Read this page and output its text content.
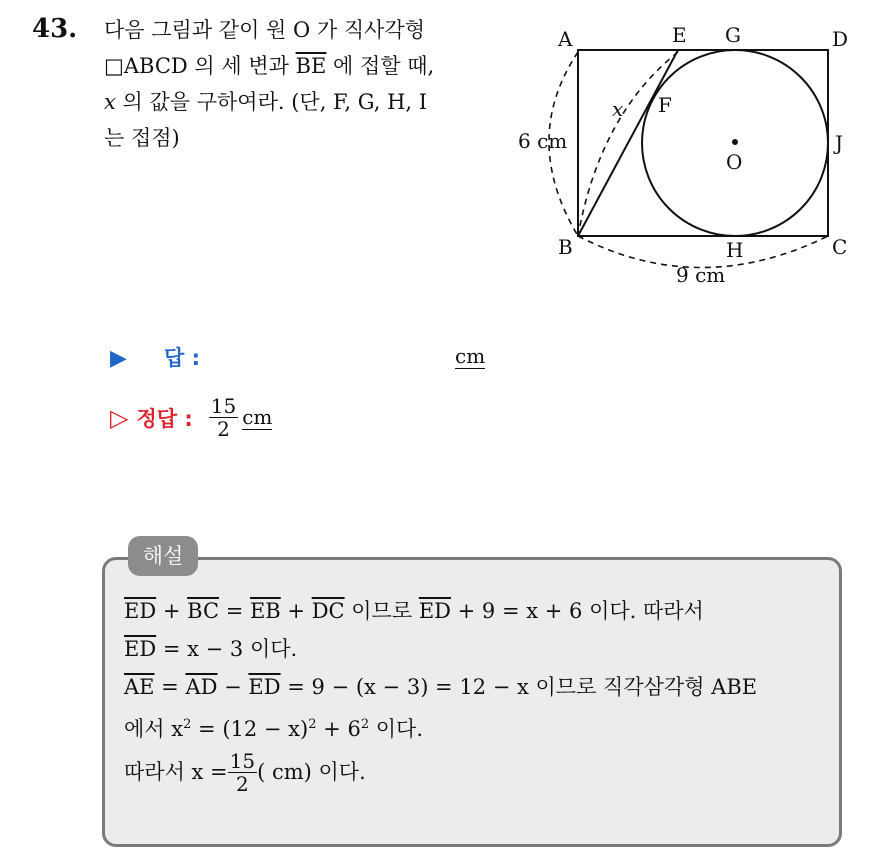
43. 다음 그림과 같이 원 O 가 직사각형
□ABCD 의 세 변과 $\overline{BE}$ 에 접할 때,
x 의 값을 구하여라. (단, F, G, H, I
는 접점)
A	E G	D
F
O
J
B	H	C
x
6 cm
9 cm
▶ 답 :	cm
▷ 정답 : $\frac{15}{2}$ cm
해설
$\overline{ED} + \overline{BC} = \overline{EB} + \overline{DC}$ 이므로 $\overline{ED} + 9 = x + 6$ 이다. 따라서
$\overline{ED} = x - 3$ 이다.
$\overline{AE} = \overline{AD} - \overline{ED} = 9 - (x - 3) = 12 - x$ 이므로 직각삼각형 ABE
에서 $x^2 = (12 - x)^2 + 6^2$ 이다.
따라서 $x = \frac{15}{2}$ ( cm) 이다.
